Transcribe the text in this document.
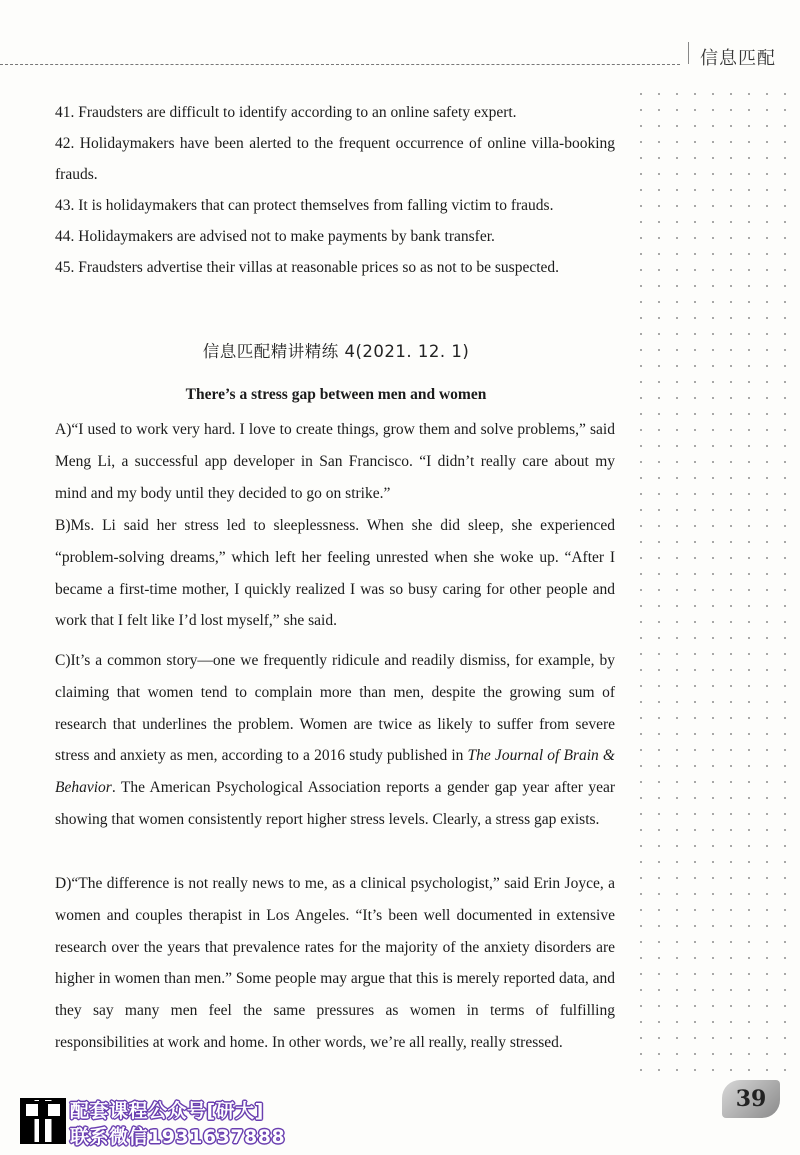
信息匹配
41. Fraudsters are difficult to identify according to an online safety expert.
42. Holidaymakers have been alerted to the frequent occurrence of online villa-booking frauds.
43. It is holidaymakers that can protect themselves from falling victim to frauds.
44. Holidaymakers are advised not to make payments by bank transfer.
45. Fraudsters advertise their villas at reasonable prices so as not to be suspected.
信息匹配精讲精练 4(2021. 12. 1)
There’s a stress gap between men and women

A)“I used to work very hard. I love to create things, grow them and solve problems,” said Meng Li, a successful app developer in San Francisco. “I didn’t really care about my mind and my body until they decided to go on strike.”

B)Ms. Li said her stress led to sleeplessness. When she did sleep, she experienced “problem-solving dreams,” which left her feeling unrested when she woke up. “After I became a first-time mother, I quickly realized I was so busy caring for other people and work that I felt like I’d lost myself,” she said.

C)It’s a common story—one we frequently ridicule and readily dismiss, for example, by claiming that women tend to complain more than men, despite the growing sum of research that underlines the problem. Women are twice as likely to suffer from severe stress and anxiety as men, according to a 2016 study published in The Journal of Brain & Behavior. The American Psychological Association reports a gender gap year after year showing that women consistently report higher stress levels. Clearly, a stress gap exists.

D)“The difference is not really news to me, as a clinical psychologist,” said Erin Joyce, a women and couples therapist in Los Angeles. “It’s been well documented in extensive research over the years that prevalence rates for the majority of the anxiety disorders are higher in women than men.” Some people may argue that this is merely reported data, and they say many men feel the same pressures as women in terms of fulfilling responsibilities at work and home. In other words, we’re all really, really stressed.

39
配套课程公众号[研大]
联系微信1931637888
